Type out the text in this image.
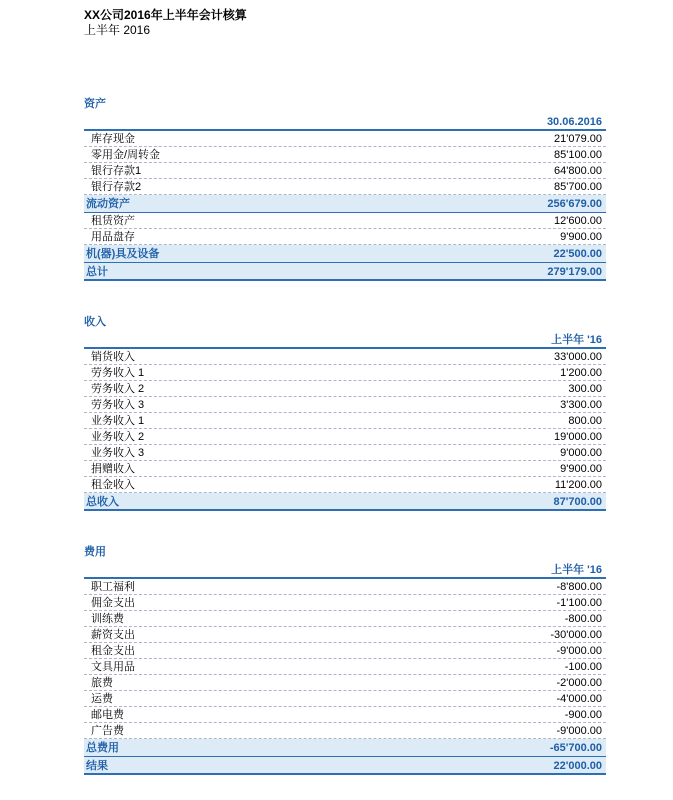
XX公司2016年上半年会计核算
上半年 2016
资产
30.06.2016
库存现金	21'079.00
零用金/周转金	85'100.00
银行存款1	64'800.00
银行存款2	85'700.00
流动资产	256'679.00
租赁资产	12'600.00
用品盘存	9'900.00
机(器)具及设备	22'500.00
总计	279'179.00
收入
上半年 '16
销货收入	33'000.00
劳务收入 1	1'200.00
劳务收入 2	300.00
劳务收入 3	3'300.00
业务收入 1	800.00
业务收入 2	19'000.00
业务收入 3	9'000.00
捐赠收入	9'900.00
租金收入	11'200.00
总收入	87'700.00
费用
上半年 '16
职工福利	-8'800.00
佣金支出	-1'100.00
训练费	-800.00
薪资支出	-30'000.00
租金支出	-9'000.00
文具用品	-100.00
旅费	-2'000.00
运费	-4'000.00
邮电费	-900.00
广告费	-9'000.00
总费用	-65'700.00
结果	22'000.00
